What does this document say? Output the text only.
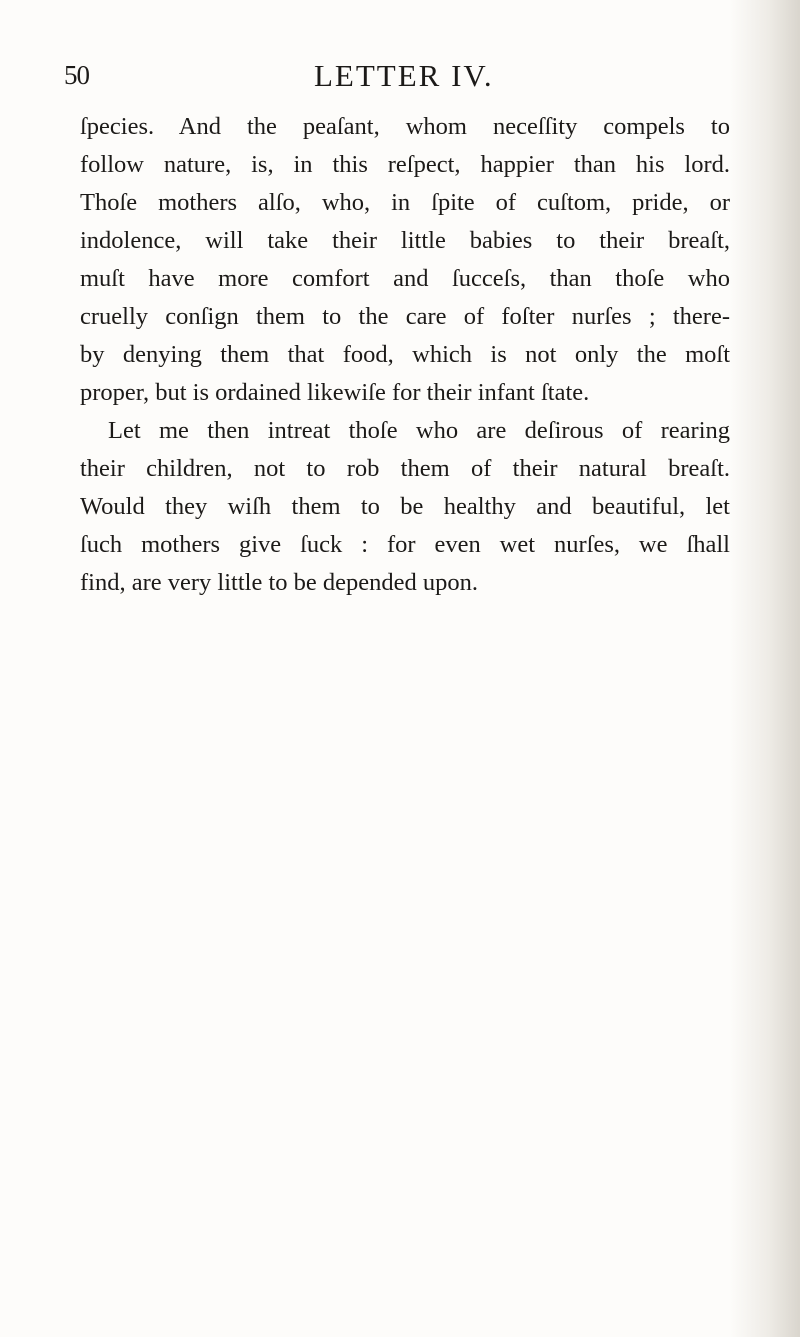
50	LETTER IV.
ſpecies. And the peaſant, whom neceſſity compels to
follow nature, is, in this reſpect, happier than his lord.
Thoſe mothers alſo, who, in ſpite of cuſtom, pride, or
indolence, will take their little babies to their breaſt,
muſt have more comfort and ſucceſs, than thoſe who
cruelly conſign them to the care of foſter nurſes ; there-
by denying them that food, which is not only the moſt
proper, but is ordained likewiſe for their infant ſtate.
Let me then intreat thoſe who are deſirous of rearing
their children, not to rob them of their natural breaſt.
Would they wiſh them to be healthy and beautiful, let
ſuch mothers give ſuck : for even wet nurſes, we ſhall
find, are very little to be depended upon.
